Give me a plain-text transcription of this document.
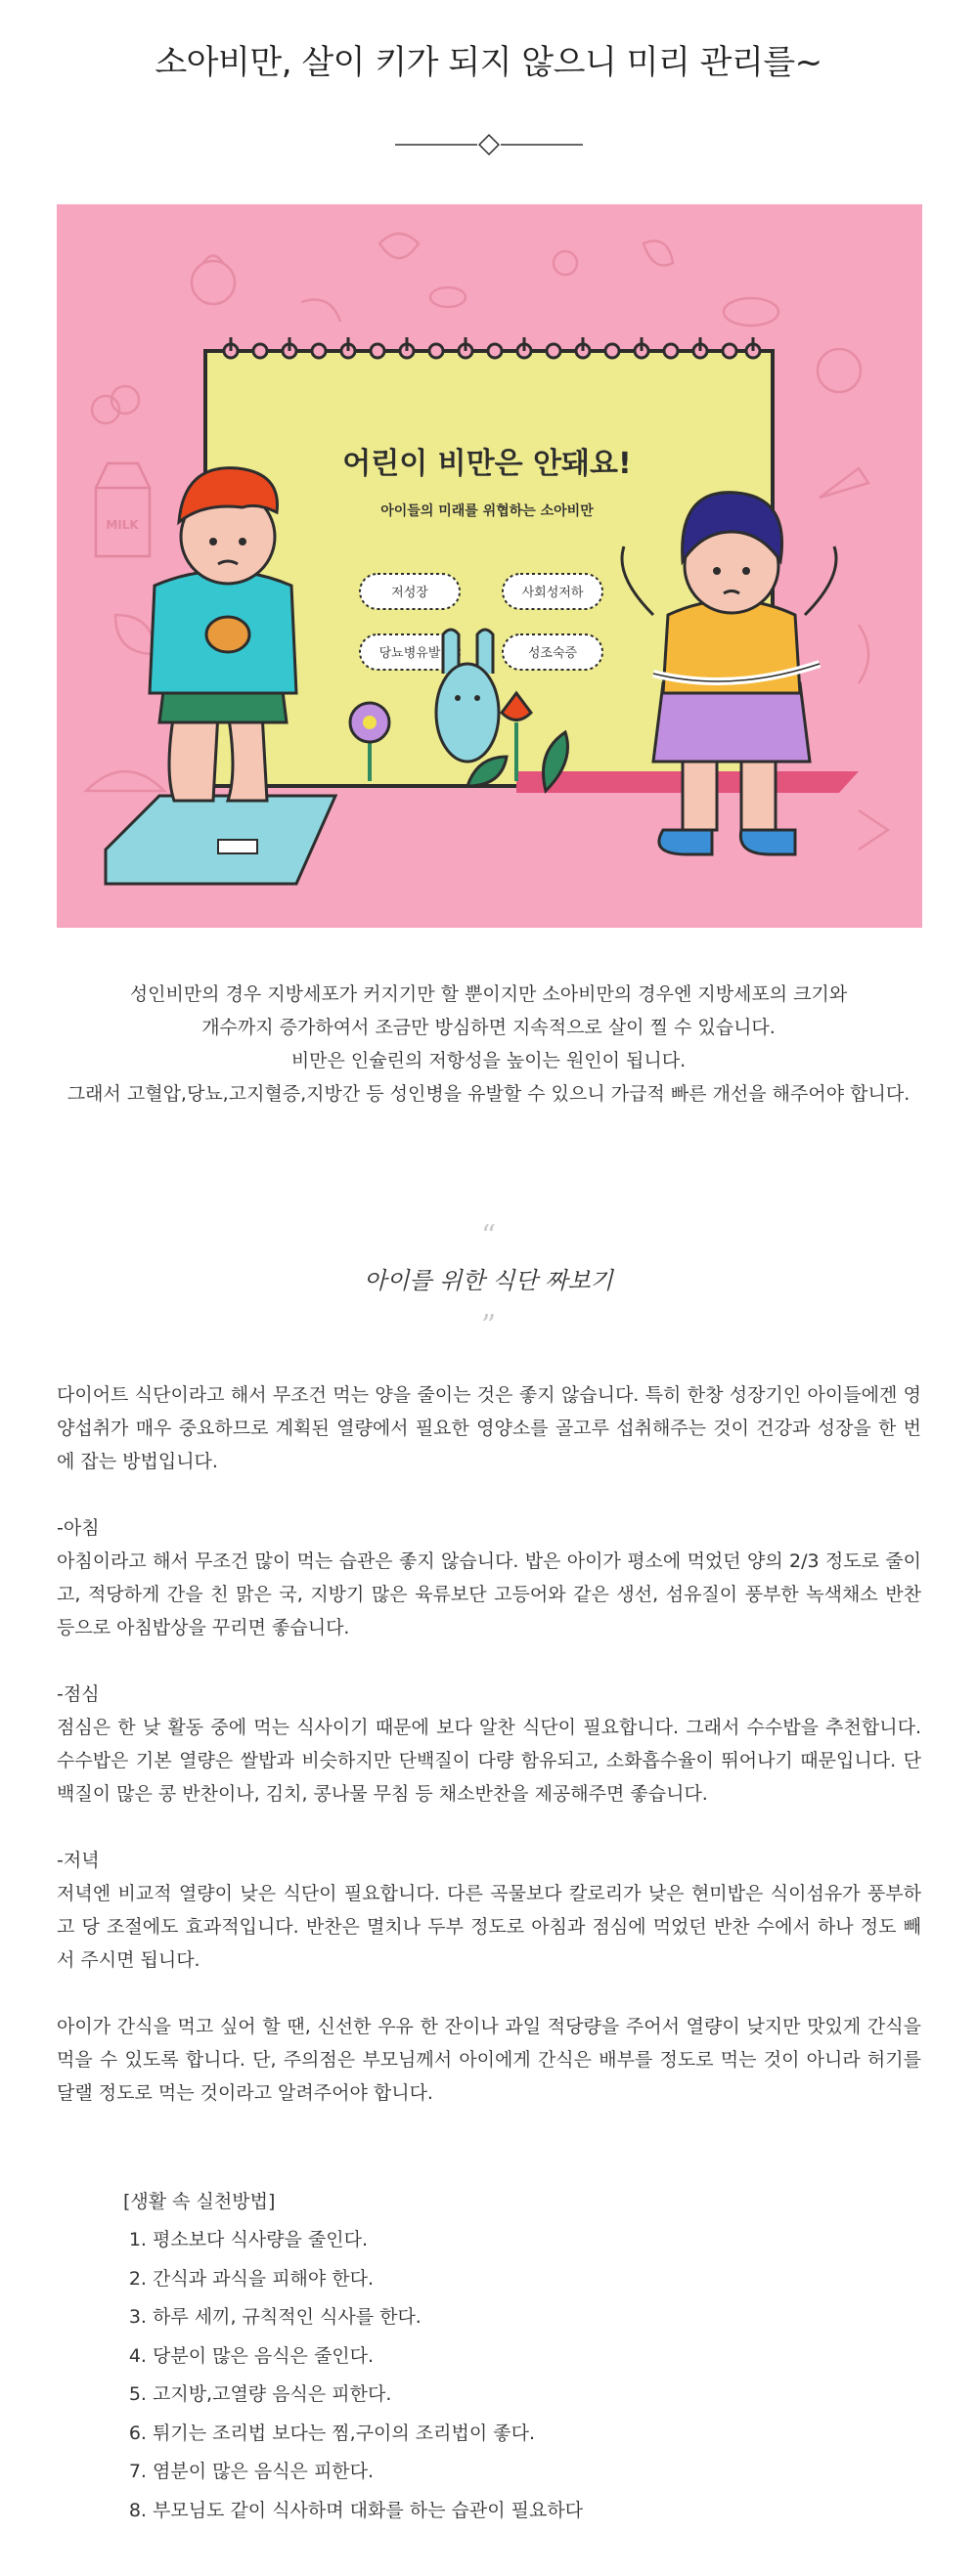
소아비만, 살이 키가 되지 않으니 미리 관리를~
MILK
어린이 비만은 안돼요!
아이들의 미래를 위협하는 소아비만
저성장	사회성저하
당뇨병유발	성조숙증

성인비만의 경우 지방세포가 커지기만 할 뿐이지만 소아비만의 경우엔 지방세포의 크기와

개수까지 증가하여서 조금만 방심하면 지속적으로 살이 찔 수 있습니다.

비만은 인슐린의 저항성을 높이는 원인이 됩니다.

그래서 고혈압,당뇨,고지혈증,지방간 등 성인병을 유발할 수 있으니 가급적 빠른 개선을 해주어야 합니다.

“
아이를 위한 식단 짜보기
”

다이어트 식단이라고 해서 무조건 먹는 양을 줄이는 것은 좋지 않습니다. 특히 한창 성장기인 아이들에겐 영양섭취가 매우 중요하므로 계획된 열량에서 필요한 영양소를 골고루 섭취해주는 것이 건강과 성장을 한 번에 잡는 방법입니다.

-아침

아침이라고 해서 무조건 많이 먹는 습관은 좋지 않습니다. 밥은 아이가 평소에 먹었던 양의 2/3 정도로 줄이고, 적당하게 간을 친 맑은 국, 지방기 많은 육류보단 고등어와 같은 생선, 섬유질이 풍부한 녹색채소 반찬 등으로 아침밥상을 꾸리면 좋습니다.

-점심

점심은 한 낮 활동 중에 먹는 식사이기 때문에 보다 알찬 식단이 필요합니다. 그래서 수수밥을 추천합니다. 수수밥은 기본 열량은 쌀밥과 비슷하지만 단백질이 다량 함유되고, 소화흡수율이 뛰어나기 때문입니다. 단백질이 많은 콩 반찬이나, 김치, 콩나물 무침 등 채소반찬을 제공해주면 좋습니다.

-저녁

저녁엔 비교적 열량이 낮은 식단이 필요합니다. 다른 곡물보다 칼로리가 낮은 현미밥은 식이섬유가 풍부하고 당 조절에도 효과적입니다. 반찬은 멸치나 두부 정도로 아침과 점심에 먹었던 반찬 수에서 하나 정도 빼서 주시면 됩니다.

아이가 간식을 먹고 싶어 할 땐, 신선한 우유 한 잔이나 과일 적당량을 주어서 열량이 낮지만 맛있게 간식을 먹을 수 있도록 합니다. 단, 주의점은 부모님께서 아이에게 간식은 배부를 정도로 먹는 것이 아니라 허기를 달랠 정도로 먹는 것이라고 알려주어야 합니다.

[생활 속 실천방법]

1. 평소보다 식사량을 줄인다.
2. 간식과 과식을 피해야 한다.
3. 하루 세끼, 규칙적인 식사를 한다.
4. 당분이 많은 음식은 줄인다.
5. 고지방,고열량 음식은 피한다.
6. 튀기는 조리법 보다는 찜,구이의 조리법이 좋다.
7. 염분이 많은 음식은 피한다.
8. 부모님도 같이 식사하며 대화를 하는 습관이 필요하다
